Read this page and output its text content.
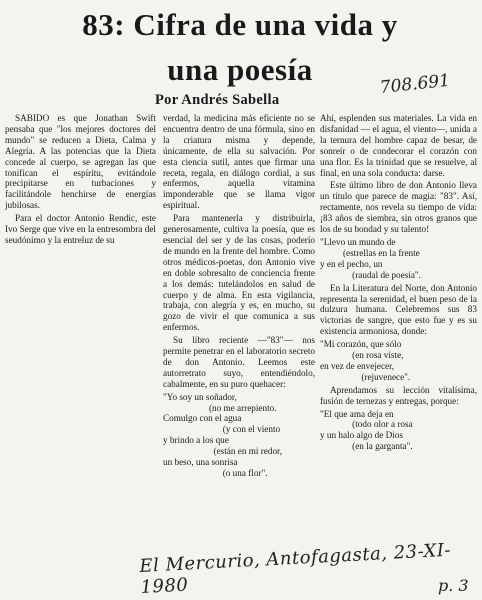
83: Cifra de una vida y
una poesía
Por Andrés Sabella
708.691

SABIDO es que Jonathan Swift pensaba que "los mejores doctores del mundo" se reducen a Dieta, Calma y Alegría. A las potencias que la Dieta concede al cuerpo, se agregan las que tonifican el espíritu, evitándole precipitarse en turbaciones y facilitándole henchirse de energías jubilosas.

Para el doctor Antonio Rendic, este Ivo Serge que vive en la entresombra del seudónimo y la entreluz de su

verdad, la medicina más eficiente no se encuentra dentro de una fórmula, sino en la criatura misma y depende, únicamente, de ella su salvación. Por esta ciencia sutil, antes que firmar una receta, regala, en diálogo cordial, a sus enfermos, aquella vitamina imponderable que se llama vigor espiritual.

Para mantenerla y distribuirla, generosamente, cultiva la poesía, que es esencial del ser y de las cosas, poderío de mundo en la frente del hombre. Como otros médicos-poetas, don Antonio vive en doble sobresalto de conciencia frente a los demás: tutelándolos en salud de cuerpo y de alma. En esta vigilancia, trabaja, con alegría y es, en mucho, su gozo de vivir el que comunica a sus enfermos.

Su libro reciente —"83"— nos permite penetrar en el laboratorio secreto de don Antonio. Leemos este autorretrato suyo, entendiéndolo, cabalmente, en su puro quehacer:

"Yo soy un soñador,
(no me arrepiento.
Comulgo con el agua
(y con el viento
y brindo a los que
(están en mi redor,
un beso, una sonrisa
(o una flor".

Ahí, esplenden sus materiales. La vida en disfanidad — el agua, el viento—, unida a la ternura del hombre capaz de besar, de sonreír o de condecorar el corazón con una flor. Es la trinidad que se resuelve, al final, en una sola conducta: darse.

Este último libro de don Antonio lleva un título que parece de magia: "83". Así, rectamente, nos revela su tiempo de vida: ¡83 años de siembra, sin otros granos que los de su bondad y su talento!

"Llevo un mundo de
(estrellas en la frente
y en el pecho, un
(raudal de poesía".

En la Literatura del Norte, don Antonio representa la serenidad, el buen peso de la dulzura humana. Celebremos sus 83 victorias de sangre, que esto fue y es su existencia armoniosa, donde:

"Mi corazón, que sólo
(en rosa viste,
en vez de envejecer,
(rejuvenece".

Aprendamos su lección vitalísima, fusión de ternezas y entregas, porque:

"El que ama deja en
(todo olor a rosa
y un halo algo de Dios
(en la garganta".
El Mercurio, Antofagasta, 23-XI-1980	p. 3
